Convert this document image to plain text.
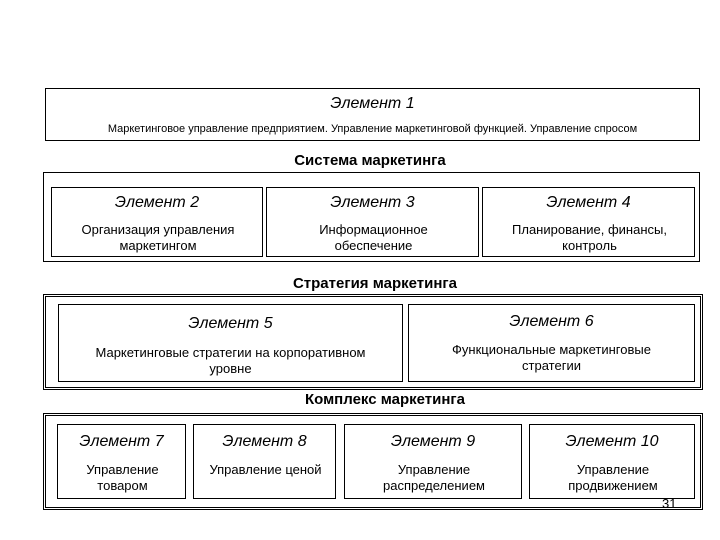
Элемент 1
Маркетинговое управление предприятием. Управление маркетинговой функцией. Управление спросом
Система маркетинга
Элемент 2
Организация управления маркетингом
Элемент 3
Информационное обеспечение
Элемент 4
Планирование, финансы, контроль
Стратегия маркетинга
Элемент 5
Маркетинговые стратегии на корпоративном уровне
Элемент 6
Функциональные маркетинговые стратегии
Комплекс маркетинга
Элемент 7
Управление товаром
Элемент 8
Управление ценой
Элемент 9
Управление распределением
Элемент 10
Управление продвижением
31
